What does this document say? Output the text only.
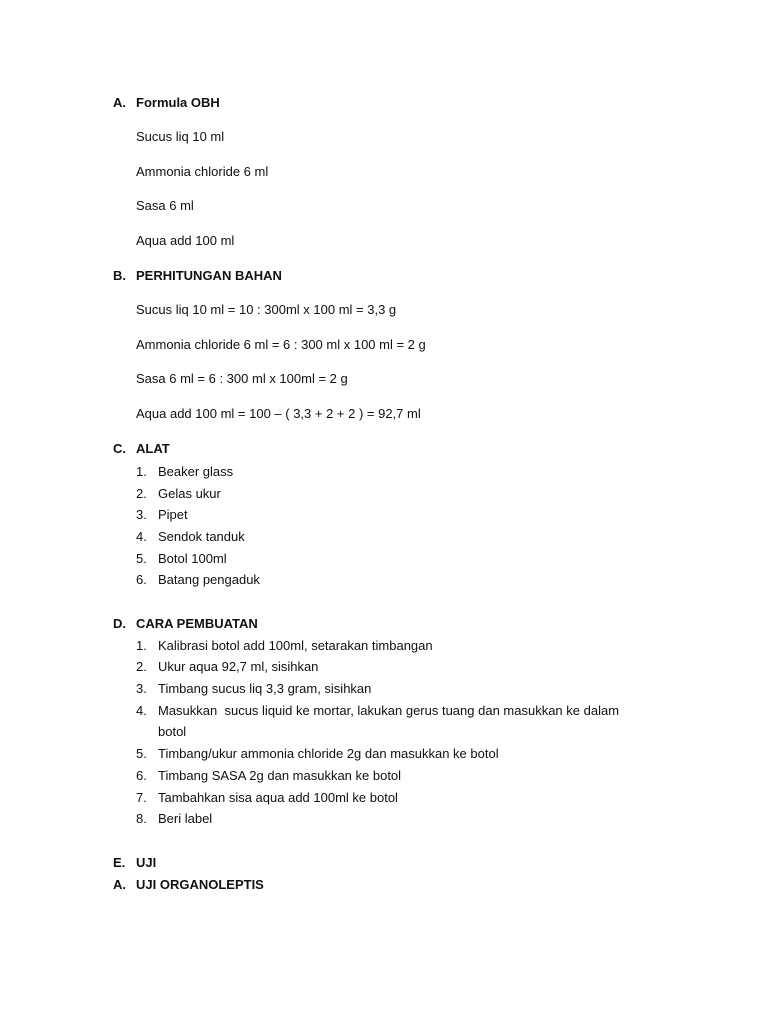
A. Formula OBH
Sucus liq 10 ml
Ammonia chloride 6 ml
Sasa 6 ml
Aqua add 100 ml
B. PERHITUNGAN BAHAN
Sucus liq 10 ml = 10 : 300ml x 100 ml = 3,3 g
Ammonia chloride 6 ml = 6 : 300 ml x 100 ml = 2 g
Sasa 6 ml = 6 : 300 ml x 100ml = 2 g
Aqua add 100 ml = 100 – ( 3,3 + 2 + 2 ) = 92,7 ml
C. ALAT
1. Beaker glass
2. Gelas ukur
3. Pipet
4. Sendok tanduk
5. Botol 100ml
6. Batang pengaduk
D. CARA PEMBUATAN
1. Kalibrasi botol add 100ml, setarakan timbangan
2. Ukur aqua 92,7 ml, sisihkan
3. Timbang sucus liq 3,3 gram, sisihkan
4. Masukkan  sucus liquid ke mortar, lakukan gerus tuang dan masukkan ke dalam
botol
5. Timbang/ukur ammonia chloride 2g dan masukkan ke botol
6. Timbang SASA 2g dan masukkan ke botol
7. Tambahkan sisa aqua add 100ml ke botol
8. Beri label
E. UJI
A. UJI ORGANOLEPTIS
